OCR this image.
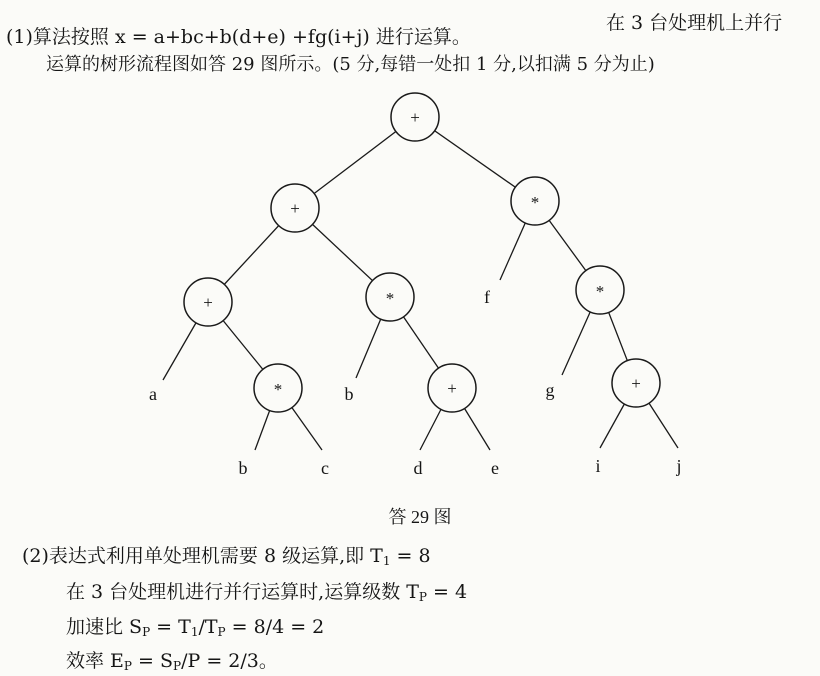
(1)算法按照 x = a+bc+b(d+e) +fg(i+j) 进行运算。
在 3 台处理机上并行
运算的树形流程图如答 29 图所示。(5 分,每错一处扣 1 分,以扣满 5 分为止)
+
+	*
+	*	*
*	+	+
a
b	c
b
d	e
f
g
i	j
答 29 图
(2)表达式利用单处理机需要 8 级运算,即 $T_1 = 8$
在 3 台处理机进行并行运算时,运算级数 $T_P = 4$
加速比 $S_P = T_1/T_P = 8/4 = 2$
效率 $E_P = S_P/P = 2/3$。
